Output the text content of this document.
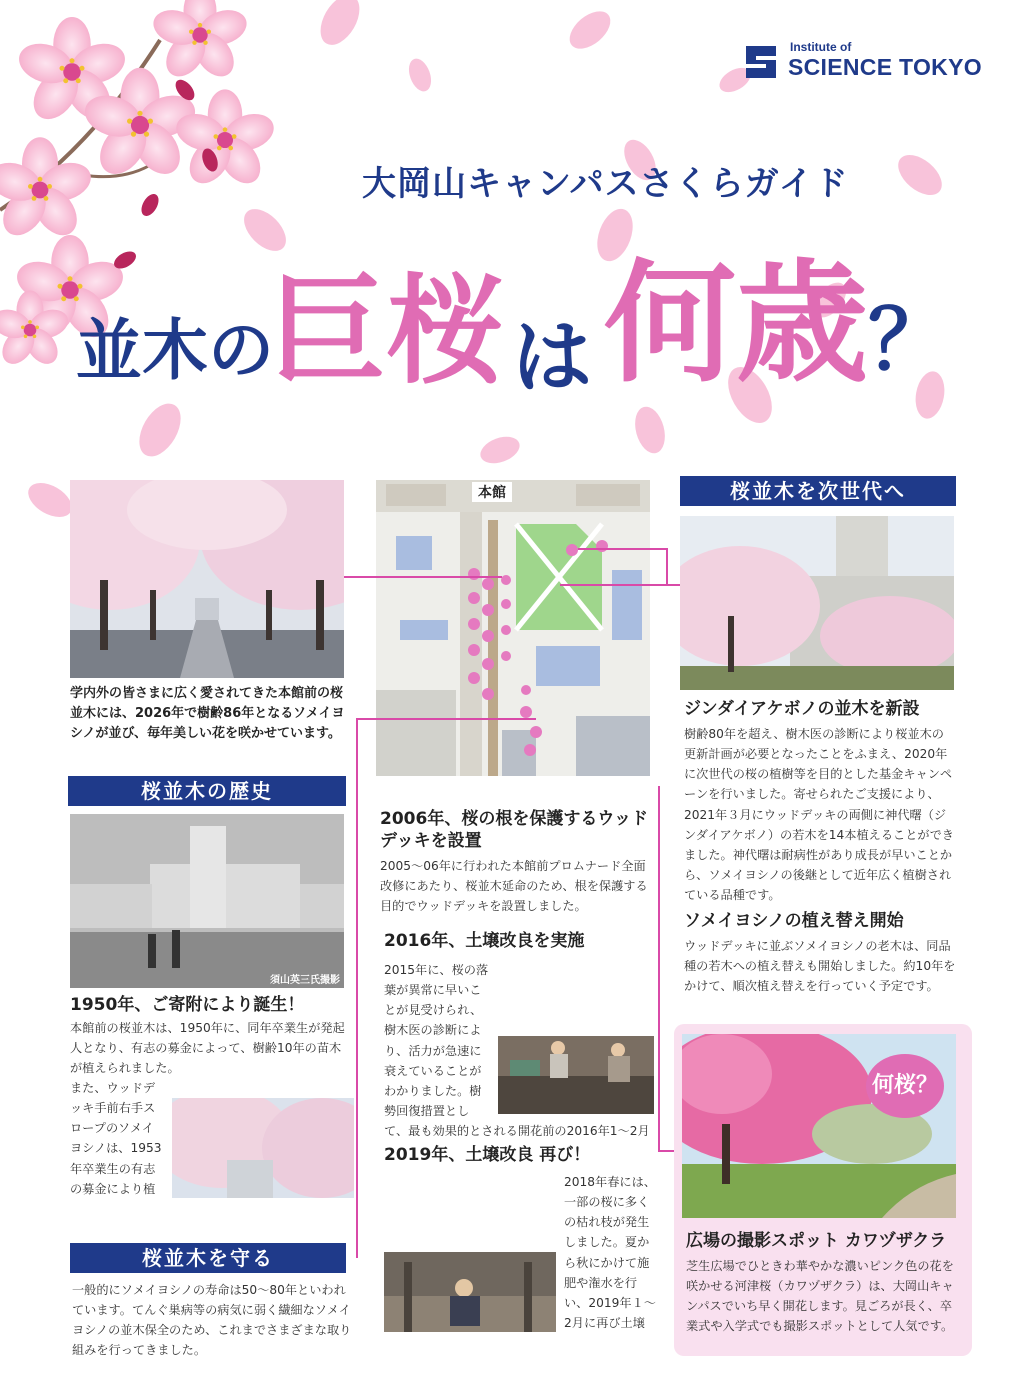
Institute of
SCIENCE TOKYO
大岡山キャンパスさくらガイド
並木の
巨桜 は 何歳 ？
学内外の皆さまに広く愛されてきた本館前の桜並木には、2026年で樹齢86年となるソメイヨシノが並び、毎年美しい花を咲かせています。
桜並木の歴史
須山英三氏撮影
1950年、ご寄附により誕生！
本館前の桜並木は、1950年に、同年卒業生が発起人となり、有志の募金によって、樹齢10年の苗木が植えられました。
また、ウッドデッキ手前右手スロープのソメイヨシノは、1953年卒業生の有志の募金により植
桜並木を守る
一般的にソメイヨシノの寿命は50〜80年といわれています。てんぐ巣病等の病気に弱く繊細なソメイヨシノの並木保全のため、これまでさまざまな取り組みを行ってきました。
本館
2006年、桜の根を保護するウッドデッキを設置
2005〜06年に行われた本館前プロムナード全面改修にあたり、桜並木延命のため、根を保護する目的でウッドデッキを設置しました。
2016年、土壌改良を実施
2015年に、桜の落葉が異常に早いことが見受けられ、樹木医の診断により、活力が急速に衰えていることがわかりました。樹勢回復措置として、最も効果的とされる開花前の2016年1〜2月
2019年、土壌改良 再び！
2018年春には、一部の桜に多くの枯れ枝が発生しました。夏から秋にかけて施肥や潅水を行い、2019年１〜2月に再び土壌
桜並木を次世代へ
ジンダイアケボノの並木を新設
樹齢80年を超え、樹木医の診断により桜並木の更新計画が必要となったことをふまえ、2020年に次世代の桜の植樹等を目的とした基金キャンペーンを行いました。寄せられたご支援により、 2021年３月にウッドデッキの両側に神代曙（ジンダイアケボノ）の若木を14本植えることができました。神代曙は耐病性があり成長が早いことから、ソメイヨシノの後継として近年広く植樹されている品種です。
ソメイヨシノの植え替え開始
ウッドデッキに並ぶソメイヨシノの老木は、同品種の若木への植え替えも開始しました。約10年をかけて、順次植え替えを行っていく予定です。
何桜？
広場の撮影スポット カワヅザクラ
芝生広場でひときわ華やかな濃いピンク色の花を咲かせる河津桜（カワヅザクラ）は、大岡山キャンパスでいち早く開花します。見ごろが長く、卒業式や入学式でも撮影スポットとして人気です。
